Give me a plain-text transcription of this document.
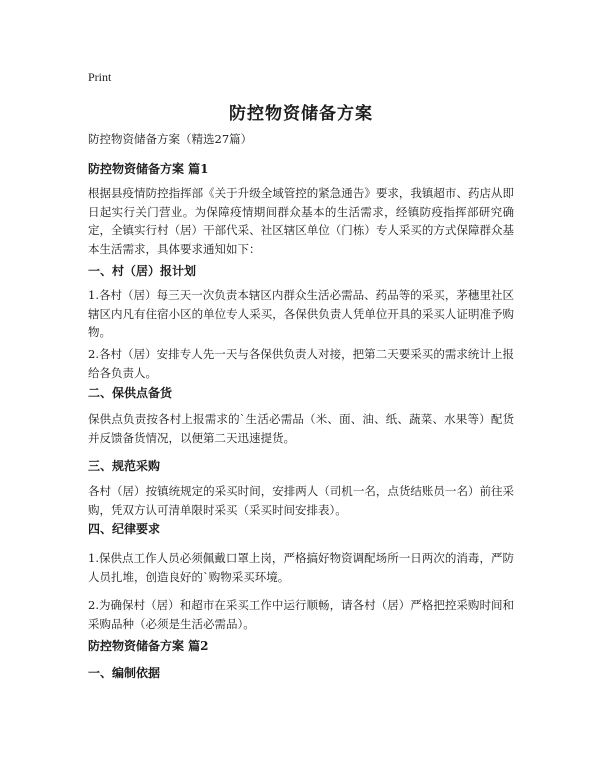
Print
防控物资储备方案

防控物资储备方案（精选27篇）

防控物资储备方案 篇1

根据县疫情防控指挥部《关于升级全域管控的紧急通告》要求，我镇超市、药店从即日起实行关门营业。为保障疫情期间群众基本的生活需求，经镇防疫指挥部研究确定，全镇实行村（居）干部代采、社区辖区单位（门栋）专人采买的方式保障群众基本生活需求，具体要求通知如下：

一、村（居）报计划

1.各村（居）每三天一次负责本辖区内群众生活必需品、药品等的采买，茅穗里社区辖区内凡有住宿小区的单位专人采买，各保供负责人凭单位开具的采买人证明准予购物。

2.各村（居）安排专人先一天与各保供负责人对接，把第二天要采买的需求统计上报给各负责人。

二、保供点备货

保供点负责按各村上报需求的`生活必需品（米、面、油、纸、蔬菜、水果等）配货并反馈备货情况，以便第二天迅速提货。

三、规范采购

各村（居）按镇统规定的采买时间，安排两人（司机一名，点货结账员一名）前往采购，凭双方认可清单限时采买（采买时间安排表）。

四、纪律要求

1.保供点工作人员必须佩戴口罩上岗，严格搞好物资调配场所一日两次的消毒，严防人员扎堆，创造良好的`购物采买环境。

2.为确保村（居）和超市在采买工作中运行顺畅，请各村（居）严格把控采购时间和采购品种（必须是生活必需品）。

防控物资储备方案 篇2
一、编制依据
